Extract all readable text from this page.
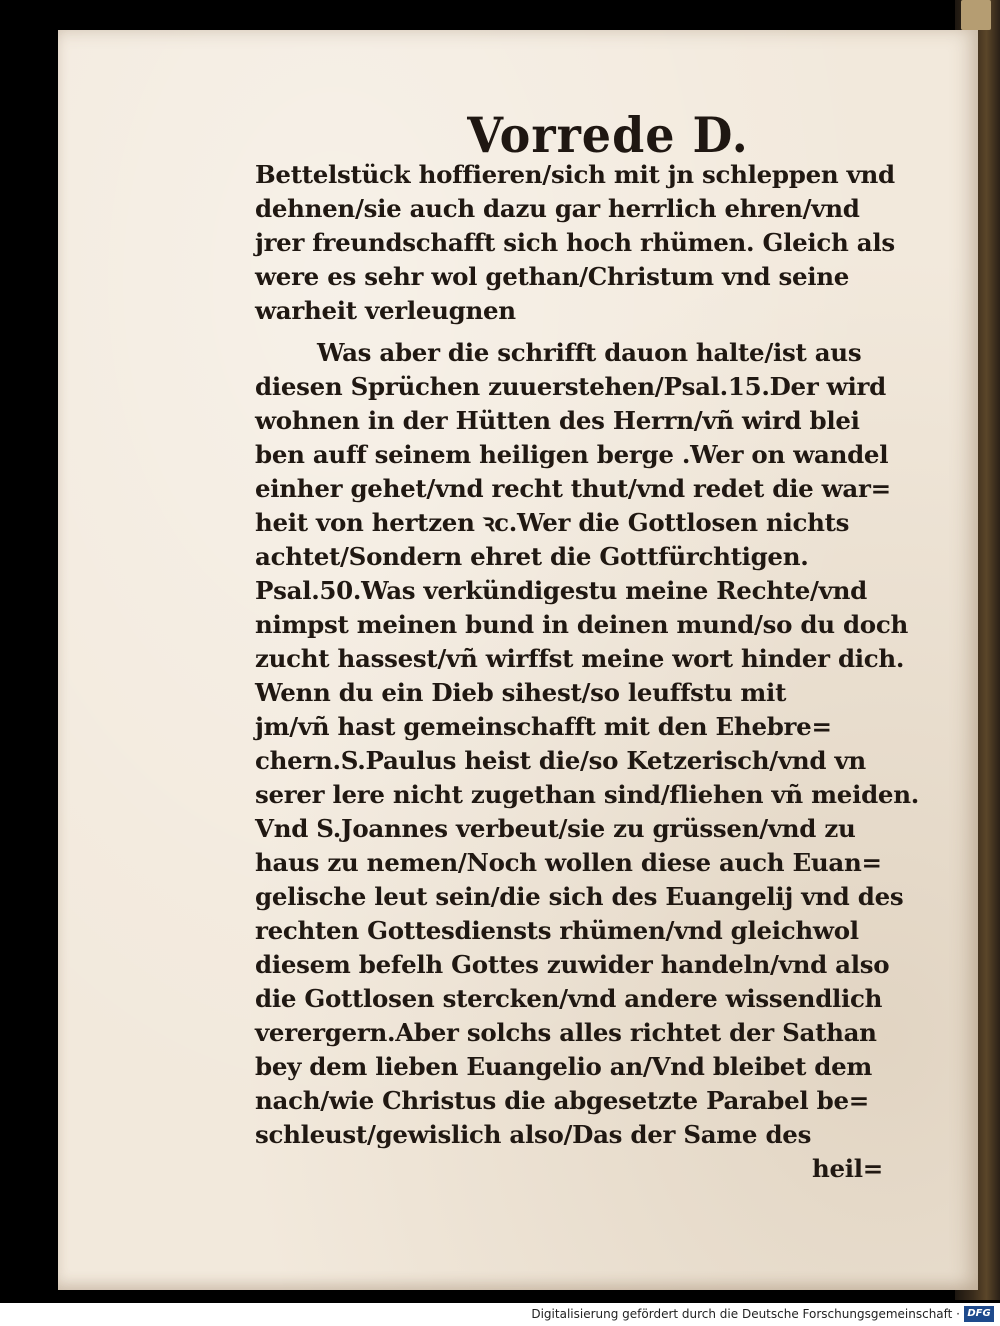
Vorrede D.
Bettelstück hoffieren/sich mit jn schleppen vnd
dehnen/sie auch dazu gar herrlich ehren/vnd
jrer freundschafft sich hoch rhümen. Gleich als
were es sehr wol gethan/Christum vnd seine
warheit verleugnen
Was aber die schrifft dauon halte/ist aus
diesen Sprüchen zuuerstehen/Psal.15.Der wird
wohnen in der Hütten des Herrn/vñ wird blei
ben auff seinem heiligen berge .Wer on wandel
einher gehet/vnd recht thut/vnd redet die war=
heit von hertzen ꝛc.Wer die Gottlosen nichts
achtet/Sondern ehret die Gottfürchtigen.
Psal.50.Was verkündigestu meine Rechte/vnd
nimpst meinen bund in deinen mund/so du doch
zucht hassest/vñ wirffst meine wort hinder dich.
Wenn du ein Dieb sihest/so leuffstu mit
jm/vñ hast gemeinschafft mit den Ehebre=
chern.S.Paulus heist die/so Ketzerisch/vnd vn
serer lere nicht zugethan sind/fliehen vñ meiden.
Vnd S.Joannes verbeut/sie zu grüssen/vnd zu
haus zu nemen/Noch wollen diese auch Euan=
gelische leut sein/die sich des Euangelij vnd des
rechten Gottesdiensts rhümen/vnd gleichwol
diesem befelh Gottes zuwider handeln/vnd also
die Gottlosen stercken/vnd andere wissendlich
verergern.Aber solchs alles richtet der Sathan
bey dem lieben Euangelio an/Vnd bleibet dem
nach/wie Christus die abgesetzte Parabel be=
schleust/gewislich also/Das der Same des
heil=
Digitalisierung gefördert durch die Deutsche Forschungsgemeinschaft · DFG
